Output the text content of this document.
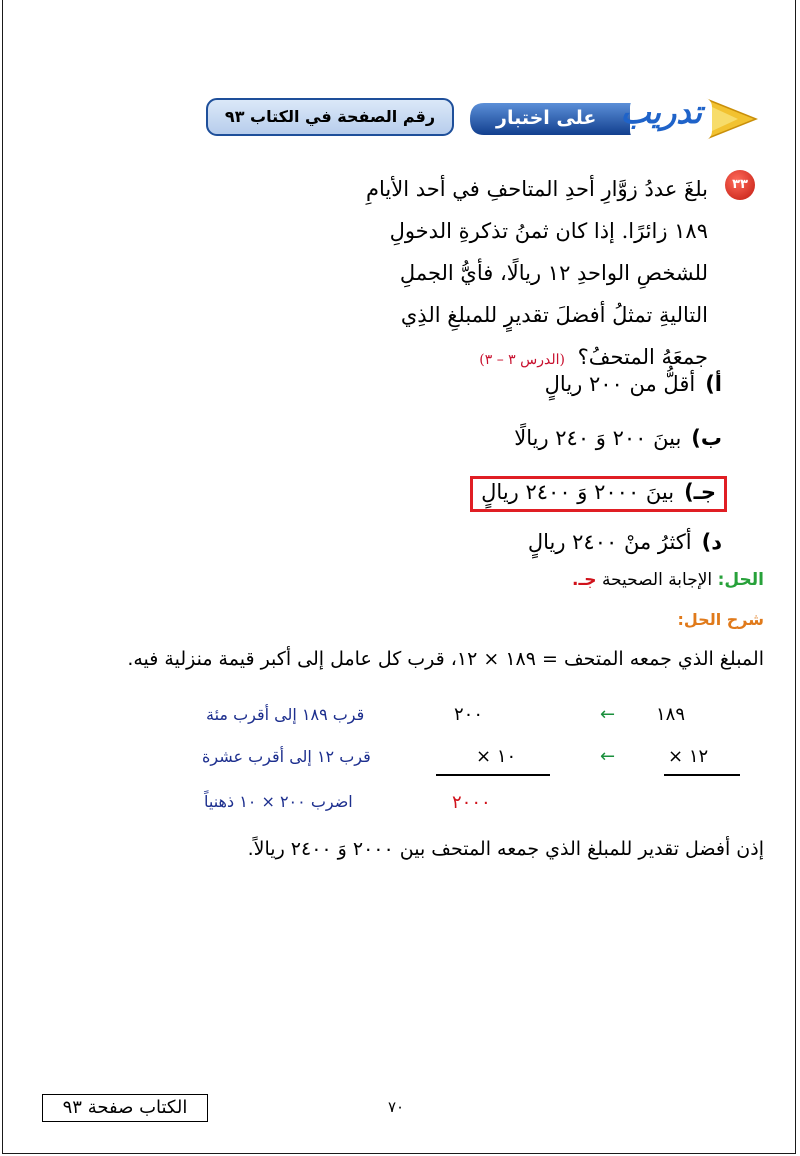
تدريب
على اختبار
رقم الصفحة في الكتاب ٩٣
٣٣
بلغَ عددُ زوَّارِ أحدِ المتاحفِ في أحد الأيامِ
١٨٩ زائرًا. إذا كان ثمنُ تذكرةِ الدخولِ
للشخصِ الواحدِ ١٢ ريالًا، فأيُّ الجملِ
التاليةِ تمثلُ أفضلَ تقديرٍ للمبلغِ الذِي
جمعَهُ المتحفُ؟ (الدرس ٣ – ٣)
أ)أقلُّ من ٢٠٠ ريالٍ
ب)بينَ ٢٠٠ وَ ٢٤٠ ريالًا
جـ)بينَ ٢٠٠٠ وَ ٢٤٠٠ ريالٍ
د)أكثرُ منْ ٢٤٠٠ ريالٍ
الحل: الإجابة الصحيحة جـ.
شرح الحل:
المبلغ الذي جمعه المتحف = ١٨٩ × ١٢، قرب كل عامل إلى أكبر قيمة منزلية فيه.
١٨٩
←
٢٠٠
قرب ١٨٩ إلى أقرب مئة
١٢ ×
←
١٠ ×
قرب ١٢ إلى أقرب عشرة
٢٠٠٠
اضرب ٢٠٠ × ١٠ ذهنياً
إذن أفضل تقدير للمبلغ الذي جمعه المتحف بين ٢٠٠٠ وَ ٢٤٠٠ ريالاً.
الكتاب صفحة ٩٣	٧٠
